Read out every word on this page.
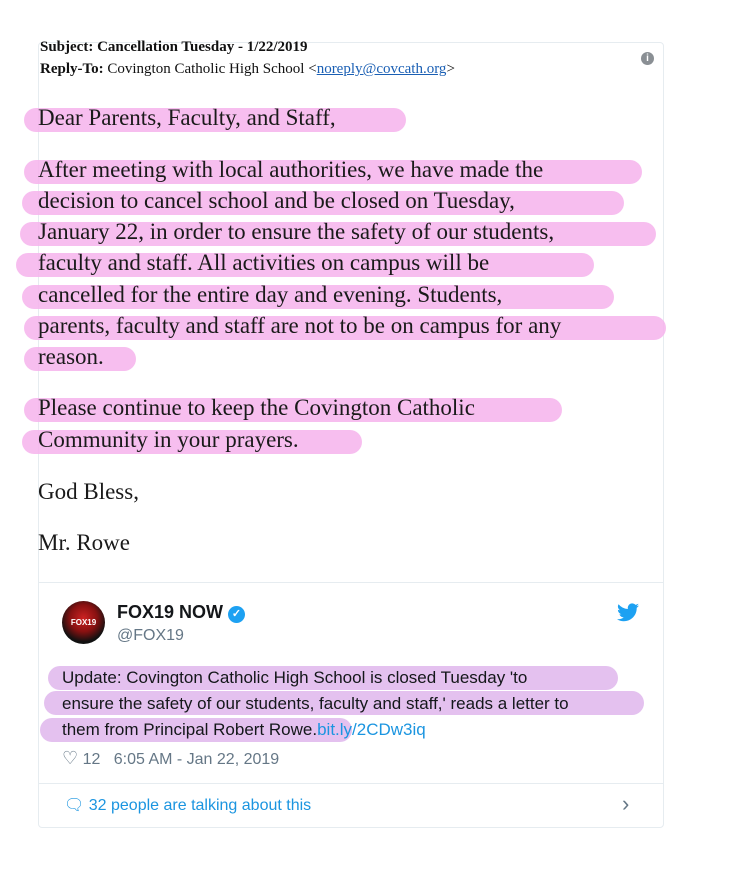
Subject: Cancellation Tuesday - 1/22/2019
Reply-To: Covington Catholic High School <noreply@covcath.org>
i
Dear Parents, Faculty, and Staff,
After meeting with local authorities, we have made the
decision to cancel school and be closed on Tuesday,
January 22, in order to ensure the safety of our students,
faculty and staff. All activities on campus will be
cancelled for the entire day and evening. Students,
parents, faculty and staff are not to be on campus for any
reason.
Please continue to keep the Covington Catholic
Community in your prayers.
God Bless,
Mr. Rowe
FOX19
FOX19 NOW ✓
@FOX19
Update: Covington Catholic High School is closed Tuesday 'to
ensure the safety of our students, faculty and staff,' reads a letter to
them from Principal Robert Rowe.bit.ly/2CDw3iq
♡ 12 6:05 AM - Jan 22, 2019
🗨 32 people are talking about this	›
